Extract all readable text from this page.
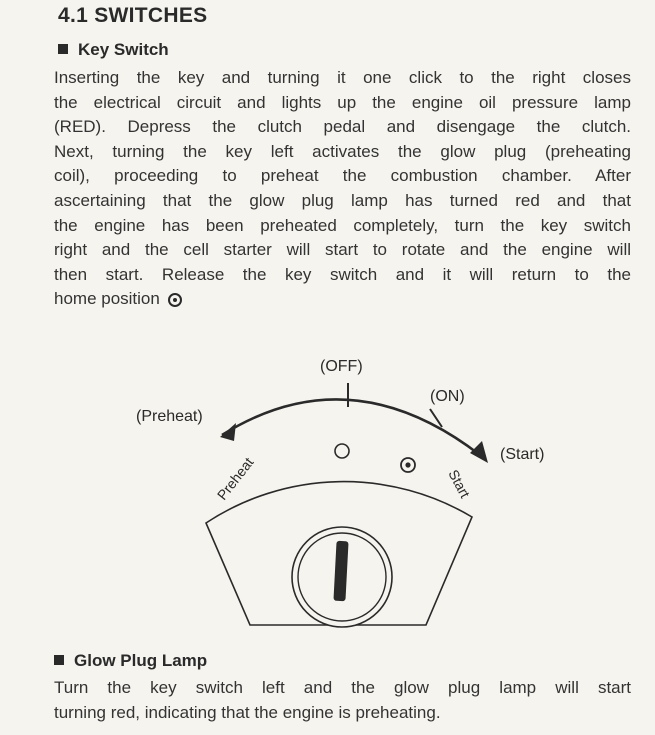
4.1 SWITCHES
Key Switch
Inserting the key and turning it one click to the right closes
the electrical circuit and lights up the engine oil pressure lamp
(RED). Depress the clutch pedal and disengage the clutch.
Next, turning the key left activates the glow plug (preheating
coil), proceeding to preheat the combustion chamber. After
ascertaining that the glow plug lamp has turned red and that
the engine has been preheated completely, turn the key switch
right and the cell starter will start to rotate and the engine will
then start. Release the key switch and it will return to the
home position
(OFF)
(ON)
(Preheat)
(Start)
Preheat	Start
Glow Plug Lamp
Turn the key switch left and the glow plug lamp will start
turning red, indicating that the engine is preheating.
